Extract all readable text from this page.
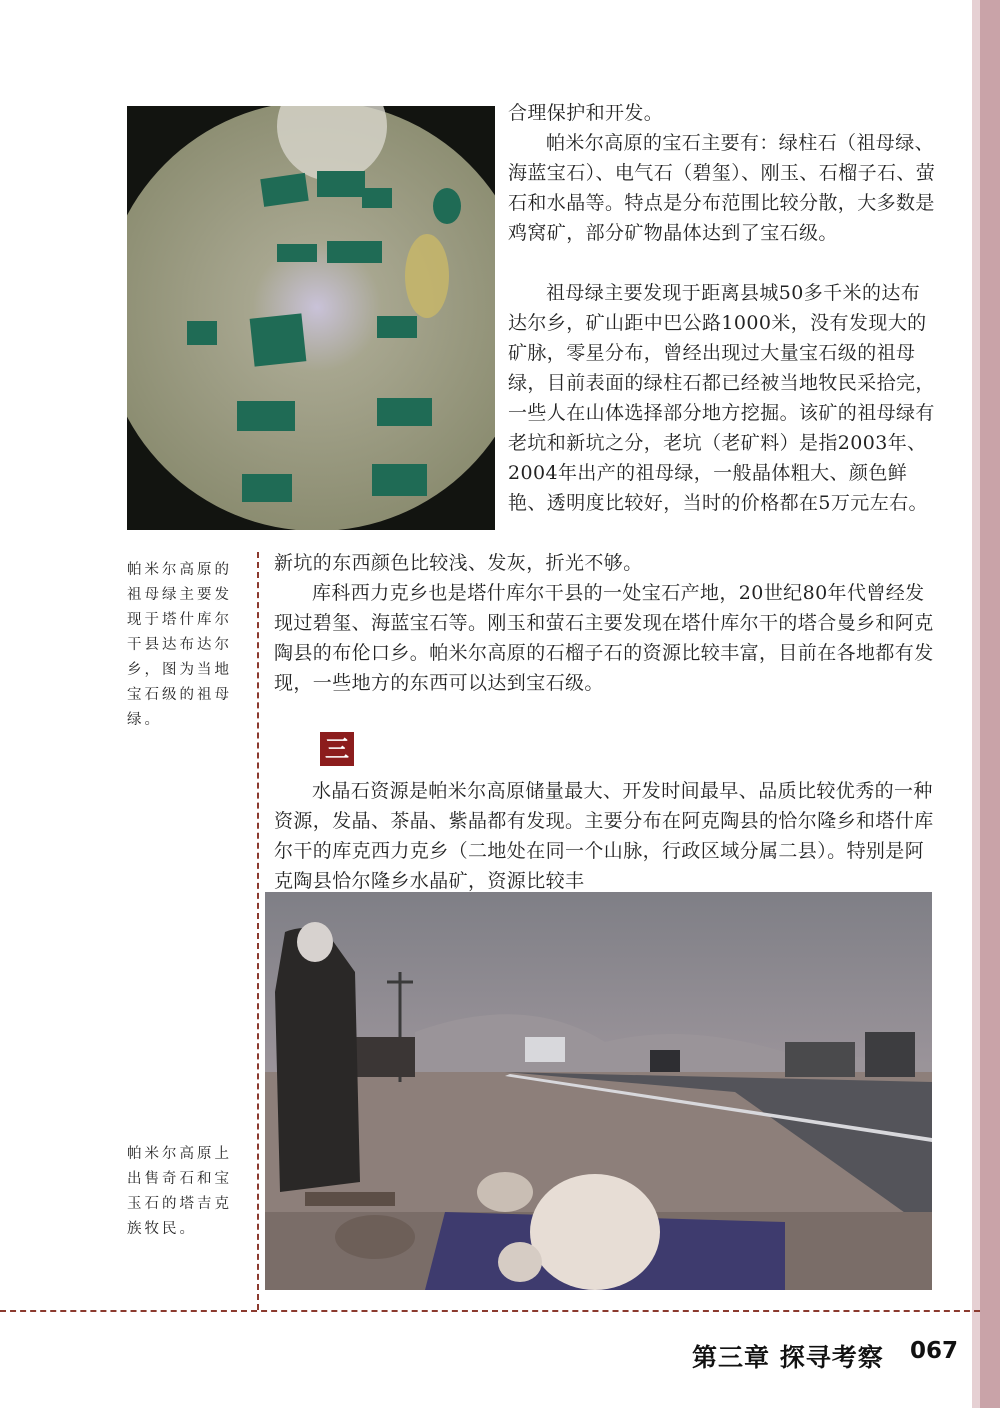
合理保护和开发。

帕米尔高原的宝石主要有：绿柱石（祖母绿、海蓝宝石）、电气石（碧玺）、刚玉、石榴子石、萤石和水晶等。特点是分布范围比较分散，大多数是鸡窝矿，部分矿物晶体达到了宝石级。

祖母绿主要发现于距离县城50多千米的达布达尔乡，矿山距中巴公路1000米，没有发现大的矿脉，零星分布，曾经出现过大量宝石级的祖母绿，目前表面的绿柱石都已经被当地牧民采拾完，一些人在山体选择部分地方挖掘。该矿的祖母绿有老坑和新坑之分，老坑（老矿料）是指2003年、2004年出产的祖母绿，一般晶体粗大、颜色鲜艳、透明度比较好，当时的价格都在5万元左右。

新坑的东西颜色比较浅、发灰，折光不够。

库科西力克乡也是塔什库尔干县的一处宝石产地，20世纪80年代曾经发现过碧玺、海蓝宝石等。刚玉和萤石主要发现在塔什库尔干的塔合曼乡和阿克陶县的布伦口乡。帕米尔高原的石榴子石的资源比较丰富，目前在各地都有发现，一些地方的东西可以达到宝石级。

三

水晶石资源是帕米尔高原储量最大、开发时间最早、品质比较优秀的一种资源，发晶、茶晶、紫晶都有发现。主要分布在阿克陶县的恰尔隆乡和塔什库尔干的库克西力克乡（二地处在同一个山脉，行政区域分属二县）。特别是阿克陶县恰尔隆乡水晶矿，资源比较丰

帕米尔高原的祖母绿主要发现于塔什库尔干县达布达尔乡，图为当地宝石级的祖母绿。

帕米尔高原上出售奇石和宝玉石的塔吉克族牧民。

第三章 探寻考察 067
